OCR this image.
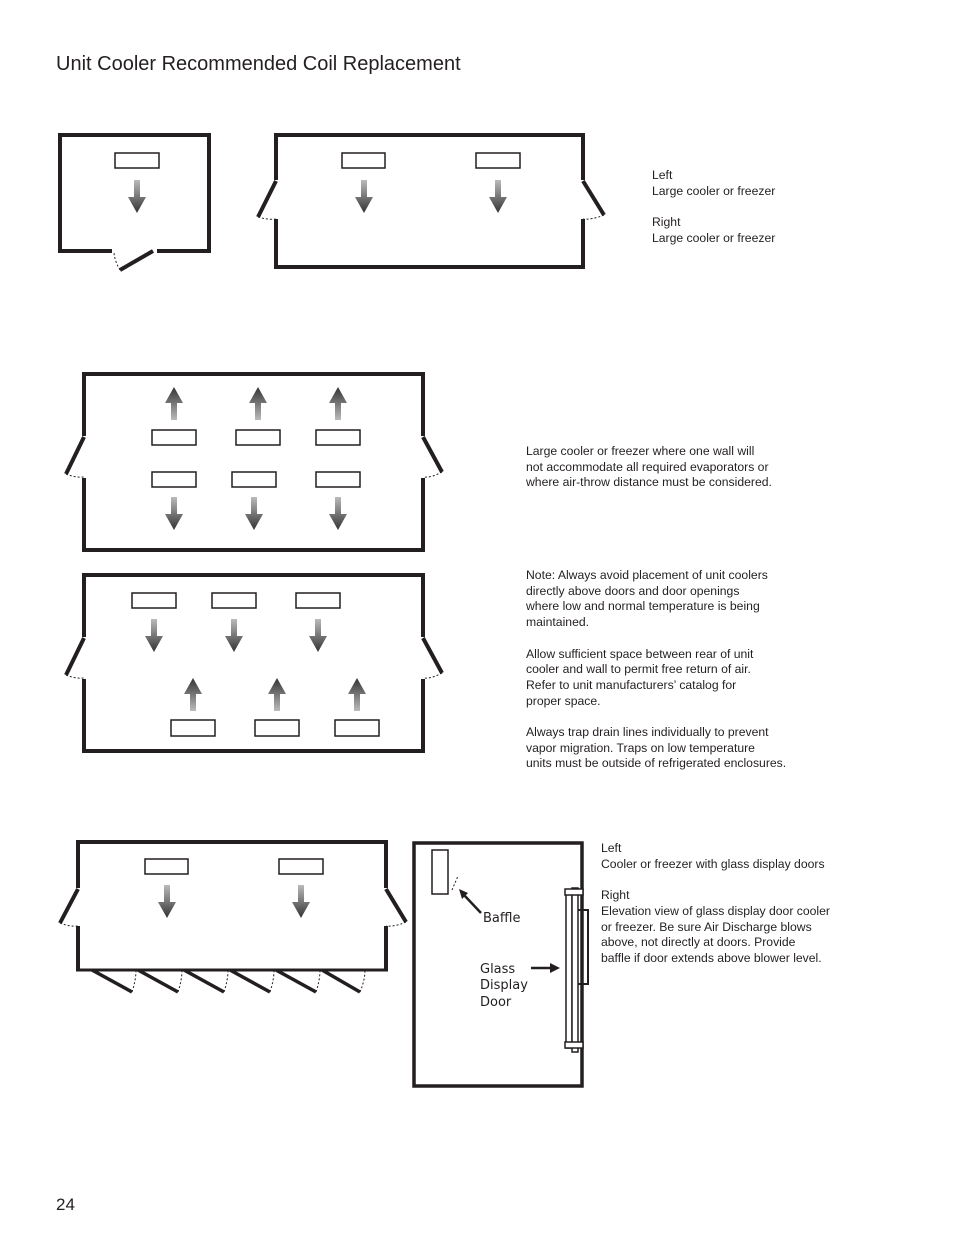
Unit Cooler Recommended Coil Replacement
Left
Large cooler or freezer

Right
Large cooler or freezer
Large cooler or freezer where one wall will
not accommodate all required evaporators or
where air-throw distance must be considered.
Note: Always avoid placement of unit coolers
directly above doors and door openings
where low and normal temperature is being
maintained.

Allow sufficient space between rear of unit
cooler and wall to permit free return of air.
Refer to unit manufacturers’ catalog for
proper space.

Always trap drain lines individually to prevent
vapor migration. Traps on low temperature
units must be outside of refrigerated enclosures.
Left
Cooler or freezer with glass display doors

Right
Elevation view of glass display door cooler
or freezer. Be sure Air Discharge blows
above, not directly at doors. Provide
baffle if door extends above blower level.
24
Baffle
Glass
Display
Door
